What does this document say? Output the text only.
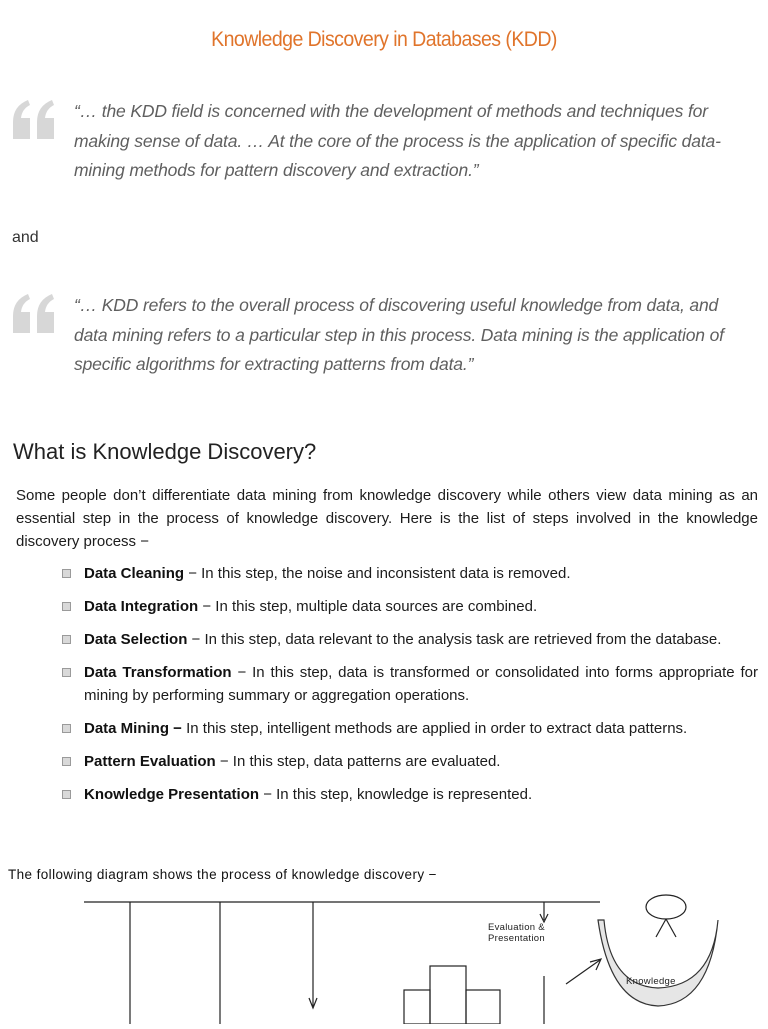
Knowledge Discovery in Databases (KDD)
“… the KDD field is concerned with the development of methods and techniques for making sense of data. … At the core of the process is the application of specific data-mining methods for pattern discovery and extraction.”
and
“… KDD refers to the overall process of discovering useful knowledge from data, and data mining refers to a particular step in this process. Data mining is the application of specific algorithms for extracting patterns from data.”
What is Knowledge Discovery?
Some people don’t differentiate data mining from knowledge discovery while others view data mining as an essential step in the process of knowledge discovery. Here is the list of steps involved in the knowledge discovery process −
Data Cleaning − In this step, the noise and inconsistent data is removed.
Data Integration − In this step, multiple data sources are combined.
Data Selection − In this step, data relevant to the analysis task are retrieved from the database.
Data Transformation − In this step, data is transformed or consolidated into forms appropriate for mining by performing summary or aggregation operations.
Data Mining − In this step, intelligent methods are applied in order to extract data patterns.
Pattern Evaluation − In this step, data patterns are evaluated.
Knowledge Presentation − In this step, knowledge is represented.
The following diagram shows the process of knowledge discovery −
Evaluation &
Presentation
Knowledge
